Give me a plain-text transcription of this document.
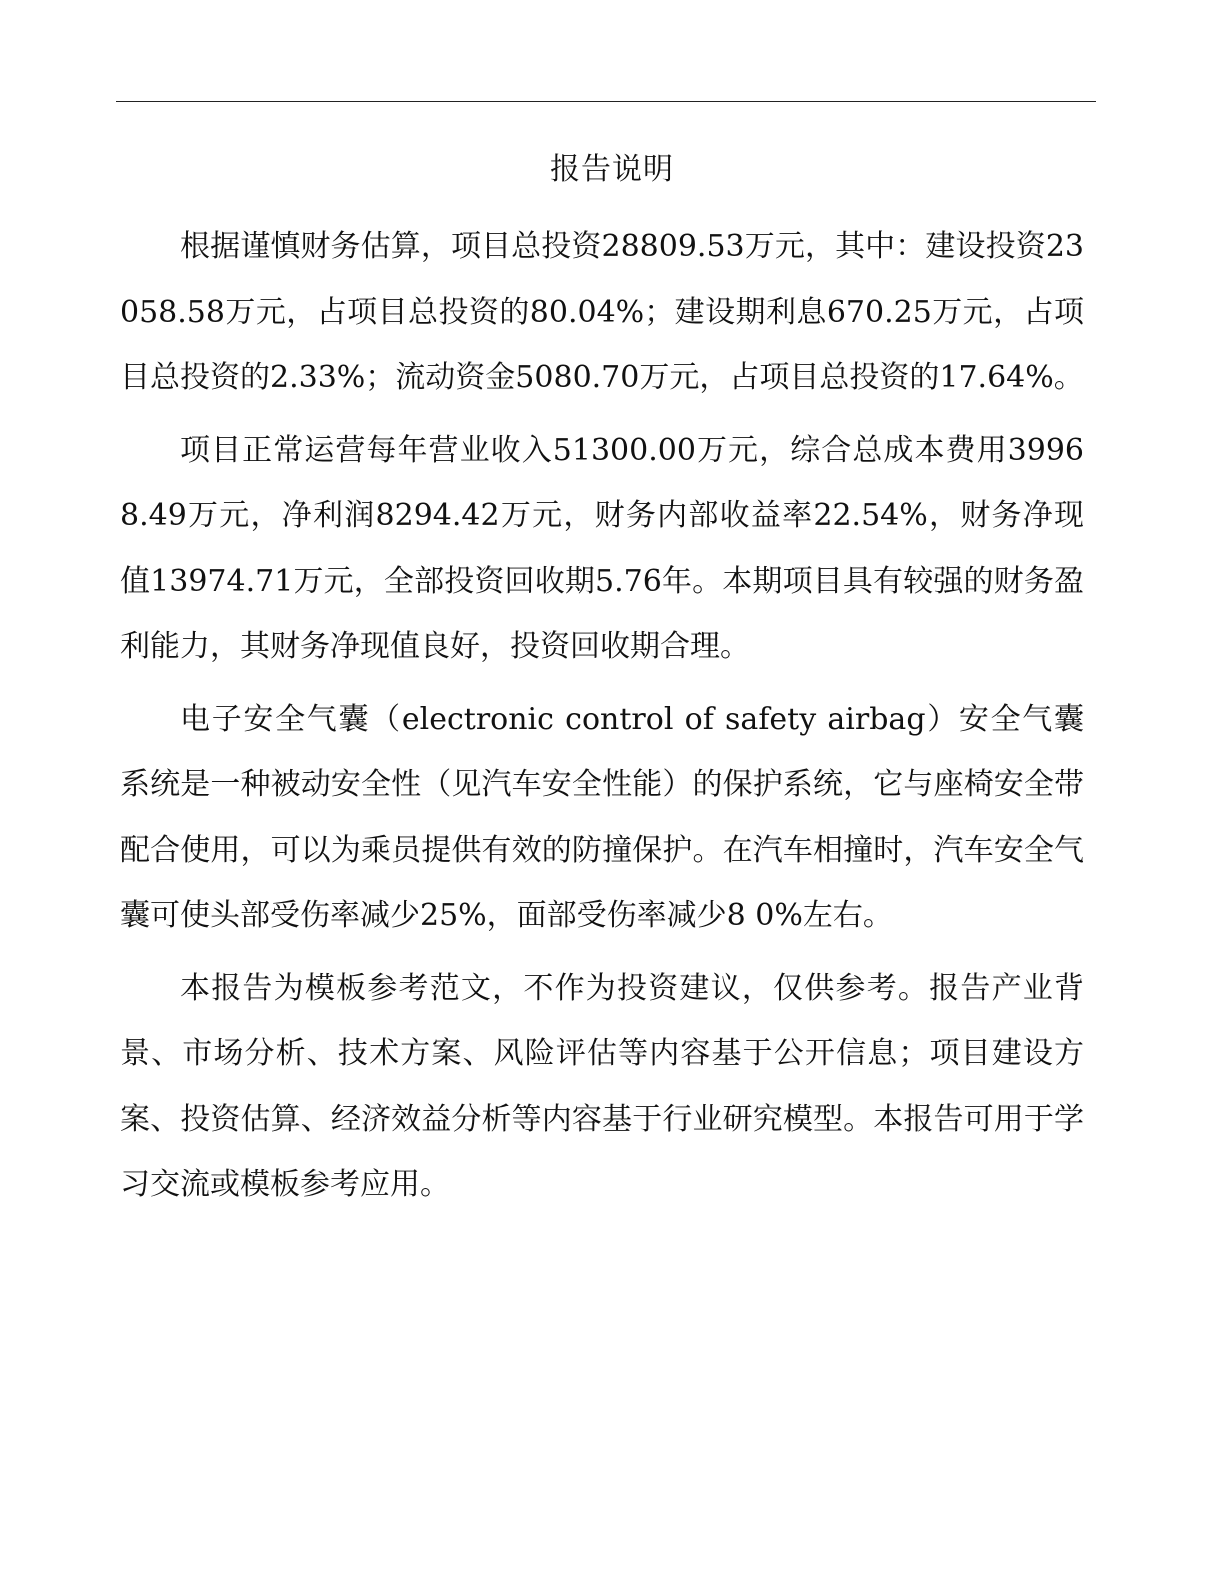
报告说明

根据谨慎财务估算，项目总投资28809.53万元，其中：建设投资23058.58万元，占项目总投资的80.04%；建设期利息670.25万元，占项目总投资的2.33%；流动资金5080.70万元，占项目总投资的17.64%。

项目正常运营每年营业收入51300.00万元，综合总成本费用39968.49万元，净利润8294.42万元，财务内部收益率22.54%，财务净现值13974.71万元，全部投资回收期5.76年。本期项目具有较强的财务盈利能力，其财务净现值良好，投资回收期合理。

电子安全气囊（electronic control of safety airbag）安全气囊系统是一种被动安全性（见汽车安全性能）的保护系统，它与座椅安全带配合使用，可以为乘员提供有效的防撞保护。在汽车相撞时，汽车安全气囊可使头部受伤率减少25%，面部受伤率减少8 0%左右。

本报告为模板参考范文，不作为投资建议，仅供参考。报告产业背景、市场分析、技术方案、风险评估等内容基于公开信息；项目建设方案、投资估算、经济效益分析等内容基于行业研究模型。本报告可用于学习交流或模板参考应用。
